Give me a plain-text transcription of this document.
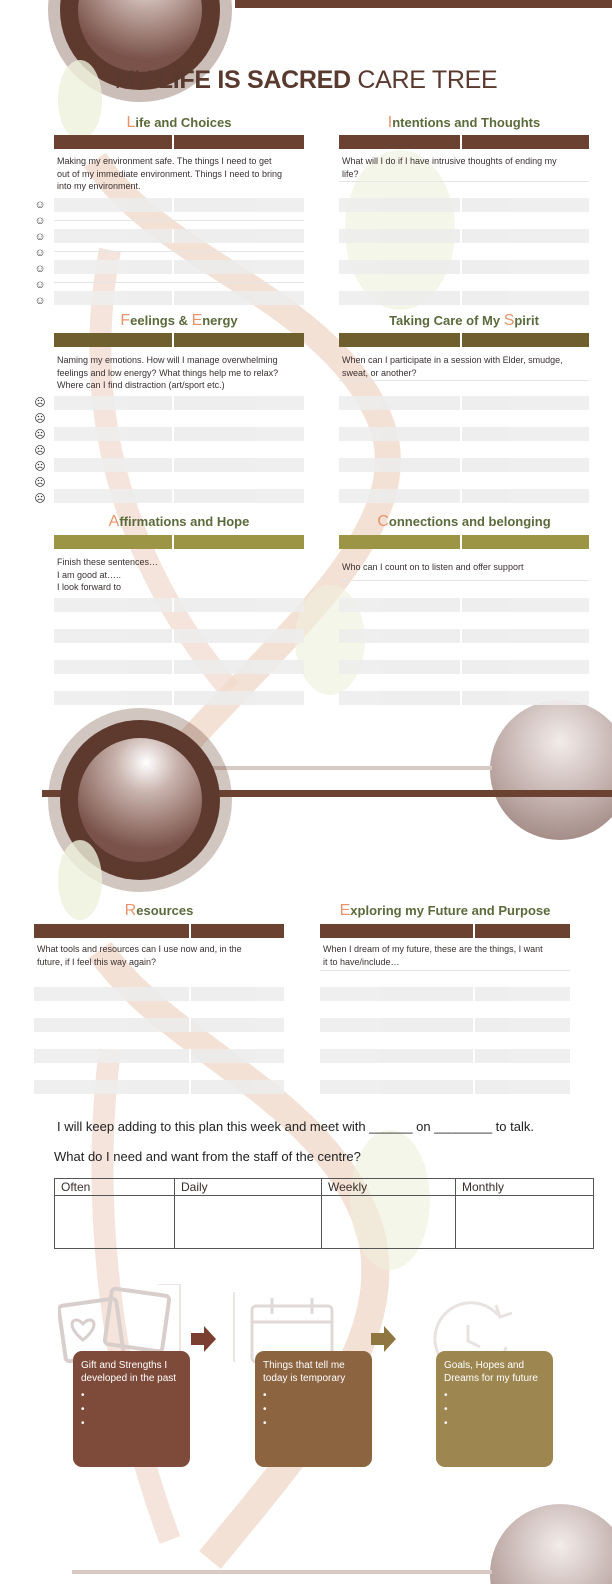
MY LIFE IS SACRED CARE TREE
Life and Choices
Making my environment safe. The things I need to get
out of my immediate environment. Things I need to bring
into my environment.
☺
☺
☺
☺
☺
☺
☺
Intentions and Thoughts
What will I do if I have intrusive thoughts of ending my
life?
Feelings & Energy
Naming my emotions. How will I manage overwhelming
feelings and low energy? What things help me to relax?
Where can I find distraction (art/sport etc.)
☹
☹
☹
☹
☹
☹
☹
Taking Care of My Spirit
When can I participate in a session with Elder, smudge,
sweat, or another?
Affirmations and Hope
Finish these sentences…
I am good at…..
I look forward to
Connections and belonging
Who can I count on to listen and offer support
Resources
What tools and resources can I use now and, in the
future, if I feel this way again?
Exploring my Future and Purpose
When I dream of my future, these are the things, I want
it to have/include…
I will keep adding to this plan this week and meet with ______ on ________ to talk.
What do I need and want from the staff of the centre?
Often	Daily	Weekly	Monthly

Gift and Strengths I developed in the past
•
•
•
Things that tell me today is temporary
•
•
•
Goals, Hopes and Dreams for my future
•
•
•
